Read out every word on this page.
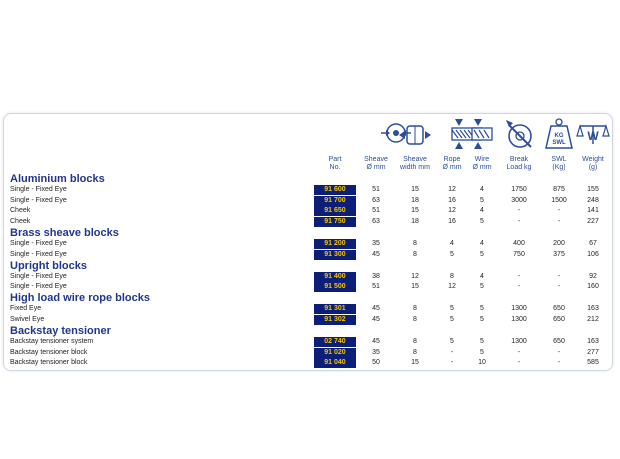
KG
SWL W
Part
No.
Sheave
Ø mm
Sheave
width mm
Rope
Ø mm
Wire
Ø mm
Break
Load kg
SWL
(Kg)
Weight
(g)
Aluminium blocks
Single - Fixed Eye	91 600	51	15	12	4	1750	875	155
Single - Fixed Eye	91 700	63	18	16	5	3000	1500	248
Cheek	91 650	51	15	12	4	-	-	141
Cheek	91 750	63	18	16	5	-	-	227
Brass sheave blocks
Single - Fixed Eye	91 200	35	8	4	4	400	200	67
Single - Fixed Eye	91 300	45	8	5	5	750	375	106
Upright blocks
Single - Fixed Eye	91 400	38	12	8	4	-	-	92
Single - Fixed Eye	91 500	51	15	12	5	-	-	160
High load wire rope blocks
Fixed Eye	91 301	45	8	5	5	1300	650	163
Swivel Eye	91 302	45	8	5	5	1300	650	212
Backstay tensioner
Backstay tensioner system	02 740	45	8	5	5	1300	650	163
Backstay tensioner block	91 020	35	8	-	5	-	-	277
Backstay tensioner block	91 040	50	15	-	10	-	-	585
